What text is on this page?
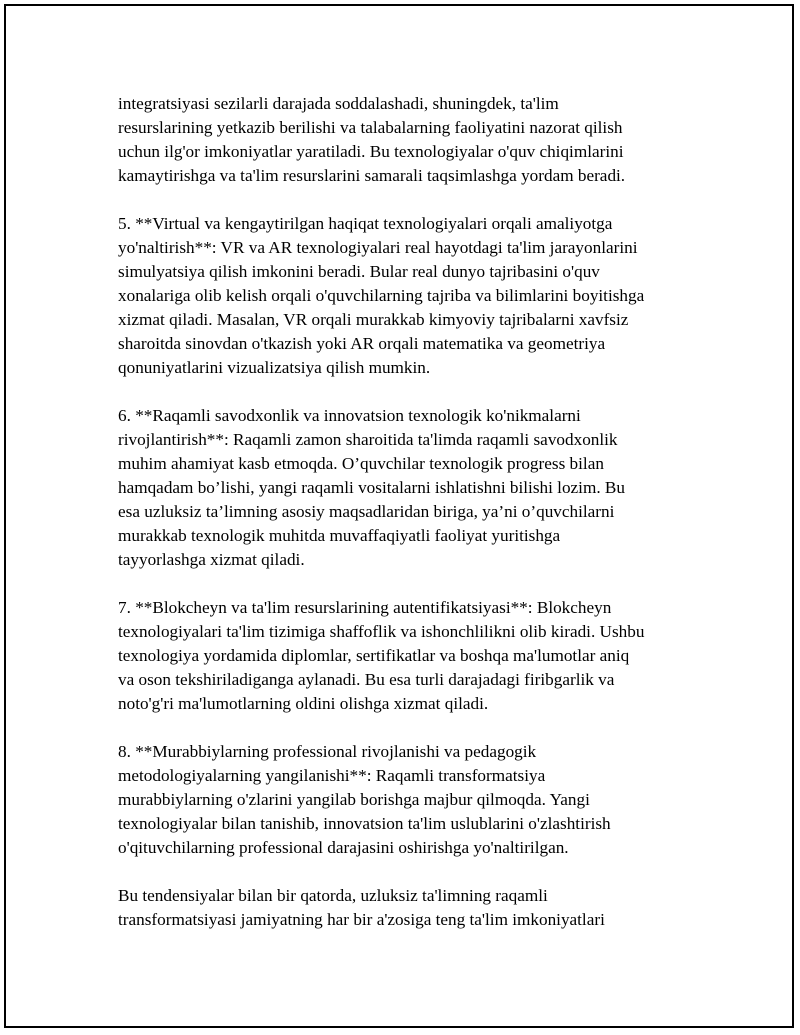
integratsiyasi sezilarli darajada soddalashadi, shuningdek, ta'lim
resurslarining yetkazib berilishi va talabalarning faoliyatini nazorat qilish
uchun ilg'or imkoniyatlar yaratiladi. Bu texnologiyalar o'quv chiqimlarini
kamaytirishga va ta'lim resurslarini samarali taqsimlashga yordam beradi.

5. **Virtual va kengaytirilgan haqiqat texnologiyalari orqali amaliyotga
yo'naltirish**: VR va AR texnologiyalari real hayotdagi ta'lim jarayonlarini
simulyatsiya qilish imkonini beradi. Bular real dunyo tajribasini o'quv
xonalariga olib kelish orqali o'quvchilarning tajriba va bilimlarini boyitishga
xizmat qiladi. Masalan, VR orqali murakkab kimyoviy tajribalarni xavfsiz
sharoitda sinovdan o'tkazish yoki AR orqali matematika va geometriya
qonuniyatlarini vizualizatsiya qilish mumkin.

6. **Raqamli savodxonlik va innovatsion texnologik ko'nikmalarni
rivojlantirish**: Raqamli zamon sharoitida ta'limda raqamli savodxonlik
muhim ahamiyat kasb etmoqda. O’quvchilar texnologik progress bilan
hamqadam bo’lishi, yangi raqamli vositalarni ishlatishni bilishi lozim. Bu
esa uzluksiz ta’limning asosiy maqsadlaridan biriga, ya’ni o’quvchilarni
murakkab texnologik muhitda muvaffaqiyatli faoliyat yuritishga
tayyorlashga xizmat qiladi.

7. **Blokcheyn va ta'lim resurslarining autentifikatsiyasi**: Blokcheyn
texnologiyalari ta'lim tizimiga shaffoflik va ishonchlilikni olib kiradi. Ushbu
texnologiya yordamida diplomlar, sertifikatlar va boshqa ma'lumotlar aniq
va oson tekshiriladiganga aylanadi. Bu esa turli darajadagi firibgarlik va
noto'g'ri ma'lumotlarning oldini olishga xizmat qiladi.

8. **Murabbiylarning professional rivojlanishi va pedagogik
metodologiyalarning yangilanishi**: Raqamli transformatsiya
murabbiylarning o'zlarini yangilab borishga majbur qilmoqda. Yangi
texnologiyalar bilan tanishib, innovatsion ta'lim uslublarini o'zlashtirish
o'qituvchilarning professional darajasini oshirishga yo'naltirilgan.

Bu tendensiyalar bilan bir qatorda, uzluksiz ta'limning raqamli
transformatsiyasi jamiyatning har bir a'zosiga teng ta'lim imkoniyatlari
